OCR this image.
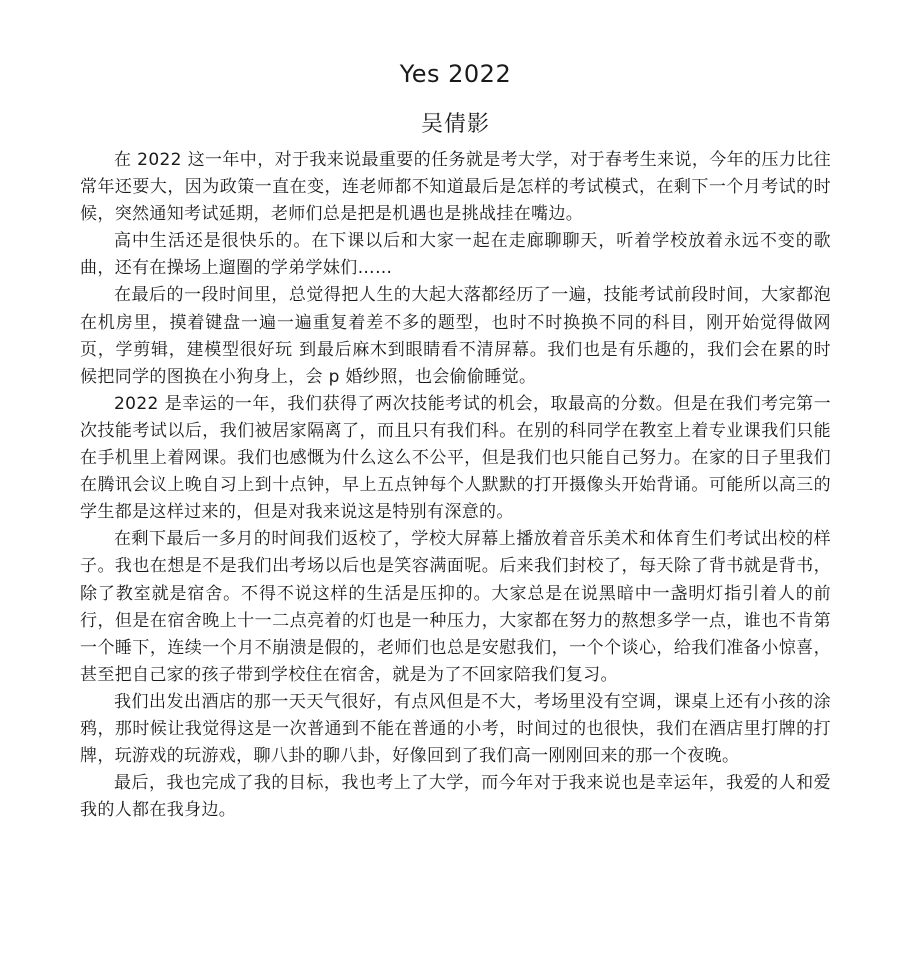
Yes 2022
吴倩影

在 2022 这一年中，对于我来说最重要的任务就是考大学，对于春考生来说，今年的压力比往常年还要大，因为政策一直在变，连老师都不知道最后是怎样的考试模式，在剩下一个月考试的时候，突然通知考试延期，老师们总是把是机遇也是挑战挂在嘴边。

高中生活还是很快乐的。在下课以后和大家一起在走廊聊聊天，听着学校放着永远不变的歌曲，还有在操场上遛圈的学弟学妹们……

在最后的一段时间里，总觉得把人生的大起大落都经历了一遍，技能考试前段时间，大家都泡在机房里，摸着键盘一遍一遍重复着差不多的题型，也时不时换换不同的科目，刚开始觉得做网页，学剪辑，建模型很好玩 到最后麻木到眼睛看不清屏幕。我们也是有乐趣的，我们会在累的时候把同学的图换在小狗身上，会 p 婚纱照，也会偷偷睡觉。

2022 是幸运的一年，我们获得了两次技能考试的机会，取最高的分数。但是在我们考完第一次技能考试以后，我们被居家隔离了，而且只有我们科。在别的科同学在教室上着专业课我们只能在手机里上着网课。我们也感慨为什么这么不公平，但是我们也只能自己努力。在家的日子里我们在腾讯会议上晚自习上到十点钟，早上五点钟每个人默默的打开摄像头开始背诵。可能所以高三的学生都是这样过来的，但是对我来说这是特别有深意的。

在剩下最后一多月的时间我们返校了，学校大屏幕上播放着音乐美术和体育生们考试出校的样子。我也在想是不是我们出考场以后也是笑容满面呢。后来我们封校了，每天除了背书就是背书，除了教室就是宿舍。不得不说这样的生活是压抑的。大家总是在说黑暗中一盏明灯指引着人的前行，但是在宿舍晚上十一二点亮着的灯也是一种压力，大家都在努力的熬想多学一点，谁也不肯第一个睡下，连续一个月不崩溃是假的，老师们也总是安慰我们，一个个谈心，给我们准备小惊喜，甚至把自己家的孩子带到学校住在宿舍，就是为了不回家陪我们复习。

我们出发出酒店的那一天天气很好，有点风但是不大，考场里没有空调，课桌上还有小孩的涂鸦，那时候让我觉得这是一次普通到不能在普通的小考，时间过的也很快，我们在酒店里打牌的打牌，玩游戏的玩游戏，聊八卦的聊八卦，好像回到了我们高一刚刚回来的那一个夜晚。

最后，我也完成了我的目标，我也考上了大学，而今年对于我来说也是幸运年，我爱的人和爱我的人都在我身边。
